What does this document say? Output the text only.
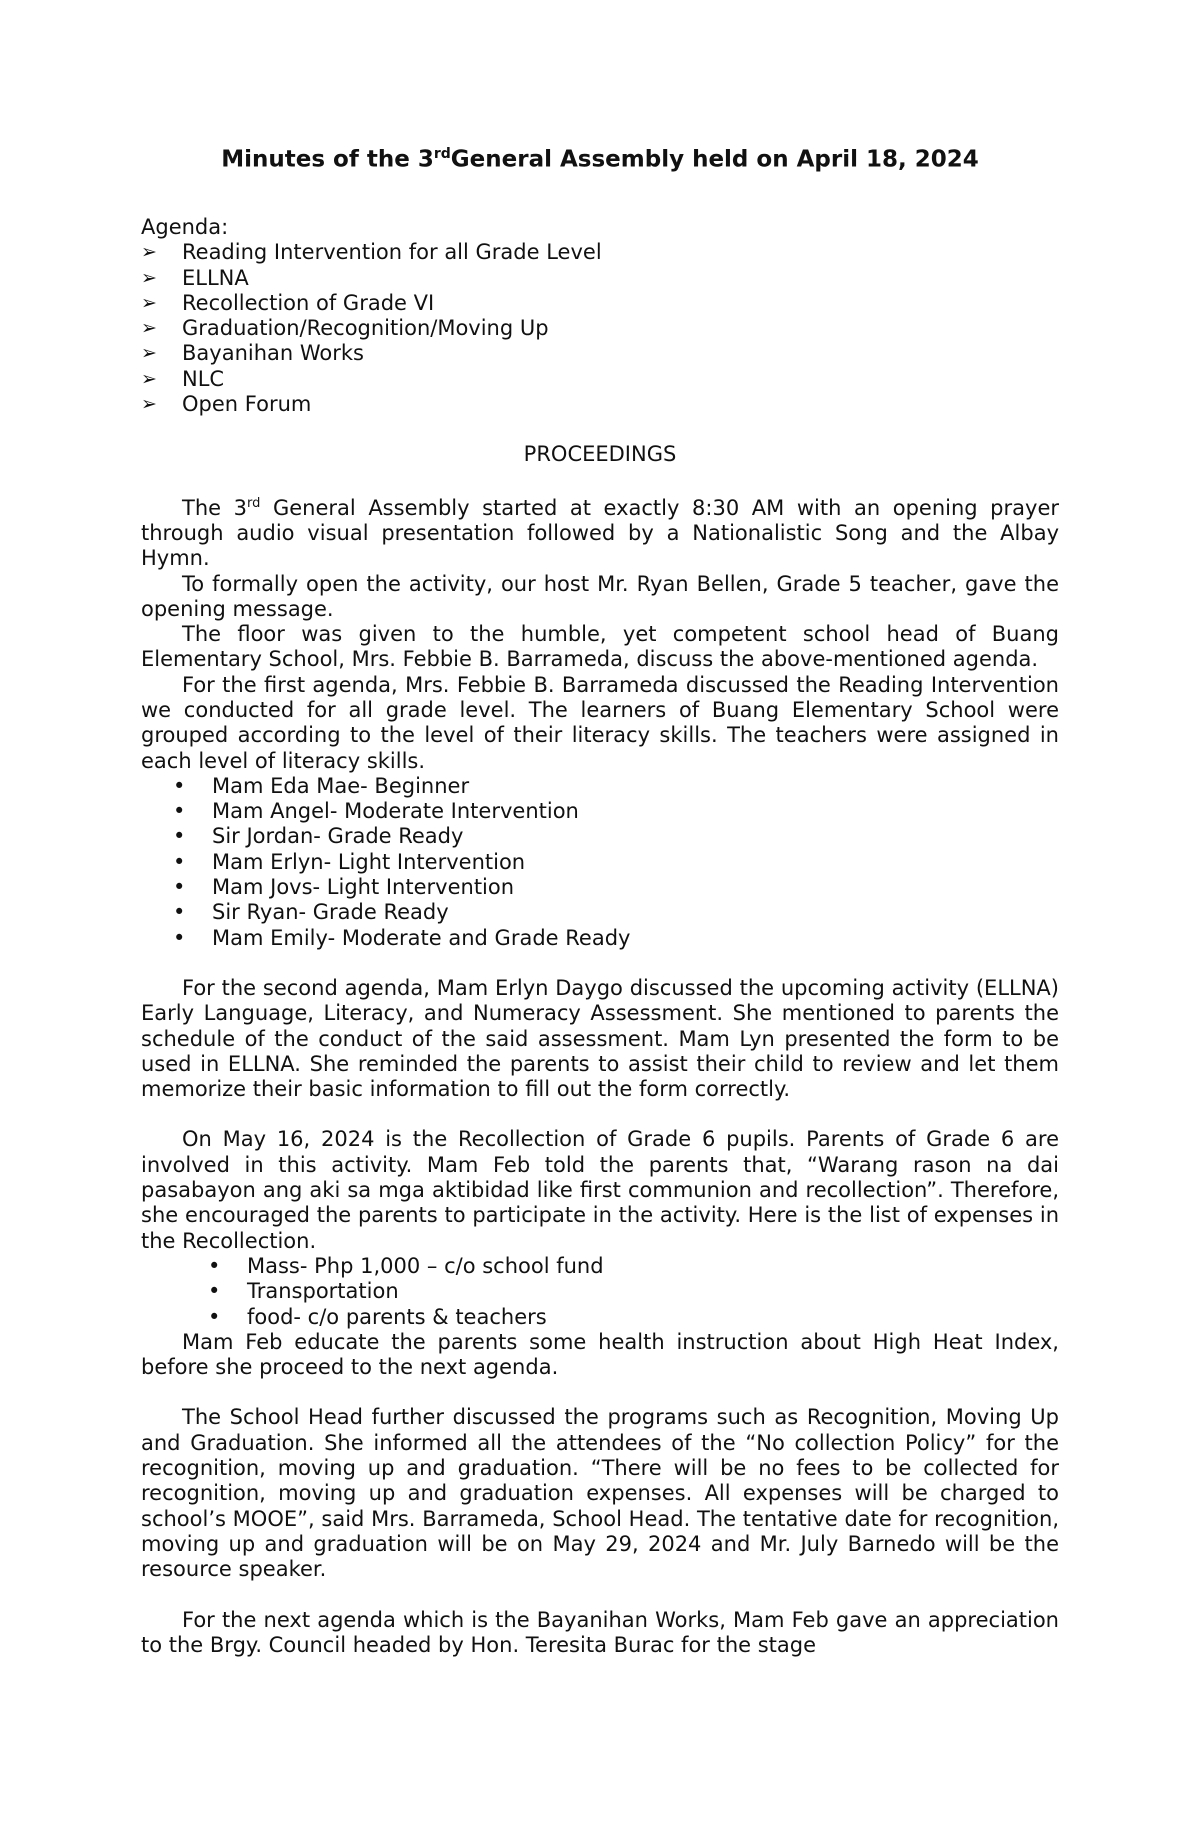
Minutes of the 3rdGeneral Assembly held on April 18, 2024
Agenda:
➢ Reading Intervention for all Grade Level
➢ ELLNA
➢ Recollection of Grade VI
➢ Graduation/Recognition/Moving Up
➢ Bayanihan Works
➢ NLC
➢ Open Forum
PROCEEDINGS

The 3rd General Assembly started at exactly 8:30 AM with an opening prayer through audio visual presentation followed by a Nationalistic Song and the Albay Hymn.

To formally open the activity, our host Mr. Ryan Bellen, Grade 5 teacher, gave the opening message.

The floor was given to the humble, yet competent school head of Buang Elementary School, Mrs. Febbie B. Barrameda, discuss the above-mentioned agenda.

For the first agenda, Mrs. Febbie B. Barrameda discussed the Reading Intervention we conducted for all grade level. The learners of Buang Elementary School were grouped according to the level of their literacy skills. The teachers were assigned in each level of literacy skills.

• Mam Eda Mae- Beginner
• Mam Angel- Moderate Intervention
• Sir Jordan- Grade Ready
• Mam Erlyn- Light Intervention
• Mam Jovs- Light Intervention
• Sir Ryan- Grade Ready
• Mam Emily- Moderate and Grade Ready

For the second agenda, Mam Erlyn Daygo discussed the upcoming activity (ELLNA) Early Language, Literacy, and Numeracy Assessment. She mentioned to parents the schedule of the conduct of the said assessment. Mam Lyn presented the form to be used in ELLNA. She reminded the parents to assist their child to review and let them memorize their basic information to fill out the form correctly.

On May 16, 2024 is the Recollection of Grade 6 pupils. Parents of Grade 6 are involved in this activity. Mam Feb told the parents that, “Warang rason na dai pasabayon ang aki sa mga aktibidad like first communion and recollection”. Therefore, she encouraged the parents to participate in the activity. Here is the list of expenses in the Recollection.

• Mass- Php 1,000 – c/o school fund
• Transportation
• food- c/o parents & teachers

Mam Feb educate the parents some health instruction about High Heat Index, before she proceed to the next agenda.

The School Head further discussed the programs such as Recognition, Moving Up and Graduation. She informed all the attendees of the “No collection Policy” for the recognition, moving up and graduation. “There will be no fees to be collected for recognition, moving up and graduation expenses. All expenses will be charged to school’s MOOE”, said Mrs. Barrameda, School Head. The tentative date for recognition, moving up and graduation will be on May 29, 2024 and Mr. July Barnedo will be the resource speaker.

For the next agenda which is the Bayanihan Works, Mam Feb gave an appreciation to the Brgy. Council headed by Hon. Teresita Burac for the stage
